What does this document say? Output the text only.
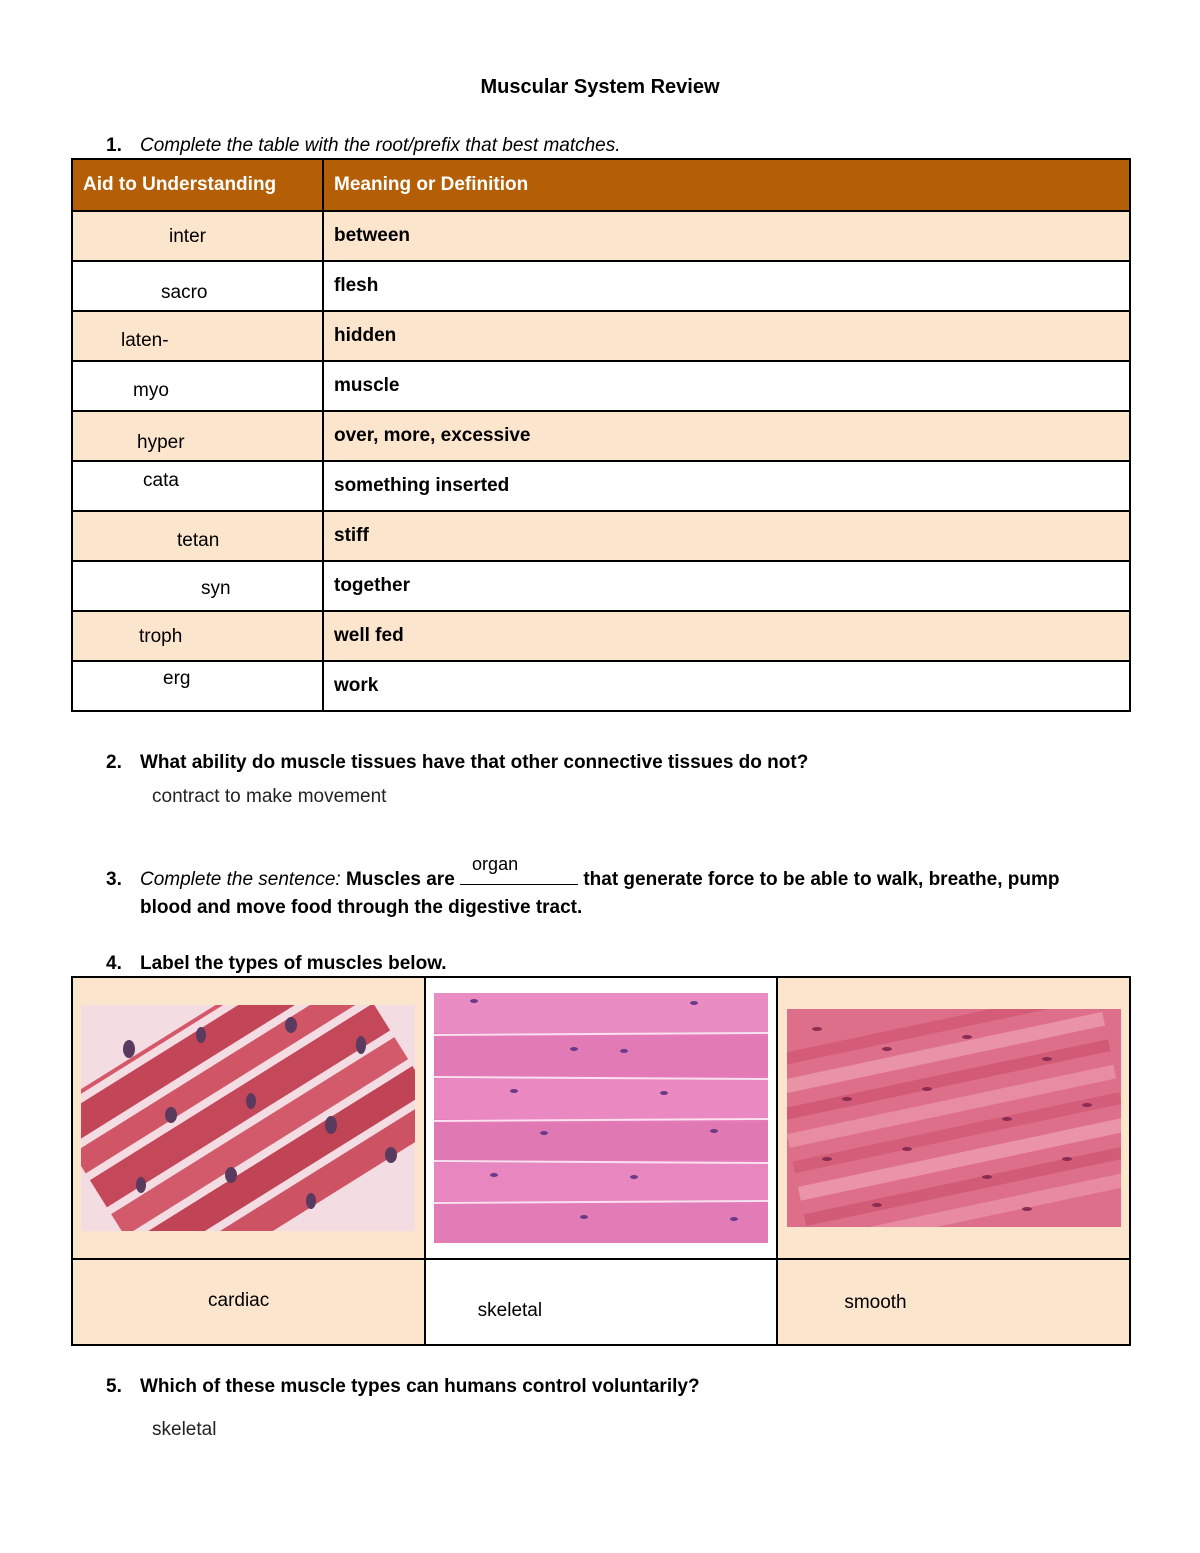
Muscular System Review
1. Complete the table with the root/prefix that best matches.
Aid to Understanding	Meaning or Definition

inter	between

sacro	flesh

laten-	hidden

myo	muscle

hyper	over, more, excessive

cata	something inserted

tetan	stiff

syn	together

troph	well fed

erg	work
2. What ability do muscle tissues have that other connective tissues do not?
contract to make movement
3. Complete the sentence: Muscles are
organ
that generate force to be able to walk, breathe, pump
blood and move food through the digestive tract.
4. Label the types of muscles below.

cardiac	skeletal	smooth
5. Which of these muscle types can humans control voluntarily?
skeletal
